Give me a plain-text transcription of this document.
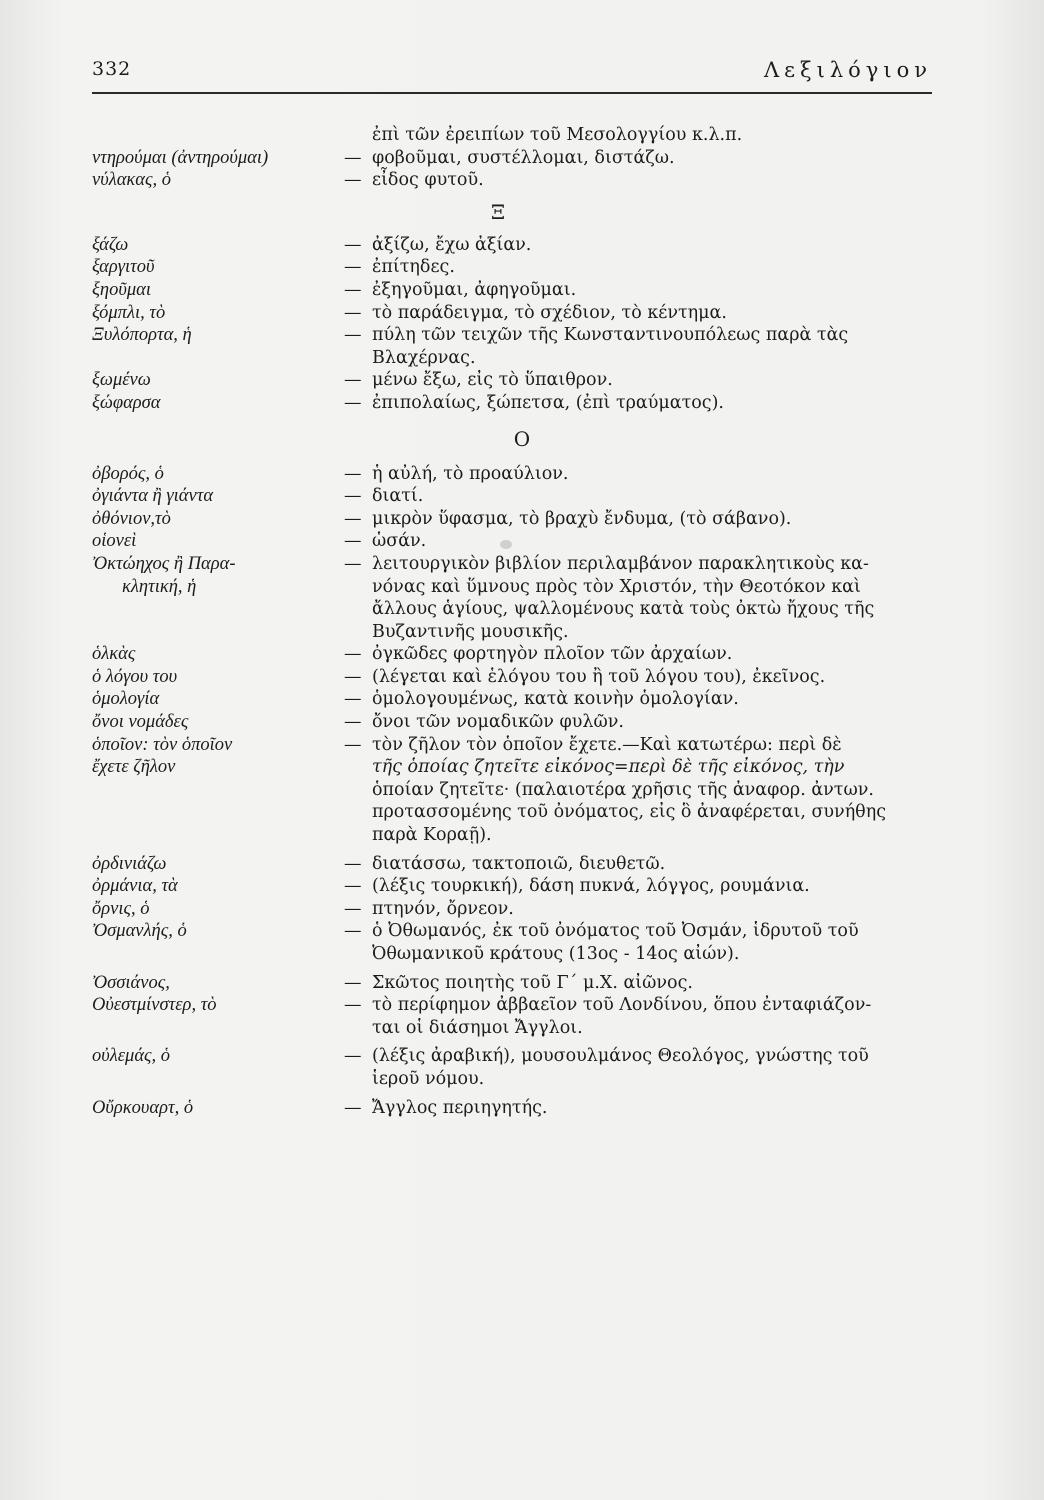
332	Λεξιλόγιον
ἐπὶ τῶν ἐρειπίων τοῦ Μεσολογγίου κ.λ.π.
ντηρούμαι (ἀντηρούμαι)	— φοβοῦμαι, συστέλλομαι, διστάζω.
νύλακας, ὁ	— εἶδος φυτοῦ.
Ξ
ξάζω	— ἀξίζω, ἔχω ἀξίαν.
ξαργιτοῦ	— ἐπίτηδες.
ξηοῦμαι	— ἐξηγοῦμαι, ἀφηγοῦμαι.
ξόμπλι, τὸ	— τὸ παράδειγμα, τὸ σχέδιον, τὸ κέντημα.
Ξυλόπορτα, ἡ	— πύλη τῶν τειχῶν τῆς Κωνσταντινουπόλεως παρὰ τὰς
Βλαχέρνας.
ξωμένω	— μένω ἔξω, εἰς τὸ ὕπαιθρον.
ξώφαρσα	— ἐπιπολαίως, ξώπετσα, (ἐπὶ τραύματος).
Ο
ὀβορός, ὁ	— ἡ αὐλή, τὸ προαύλιον.
ὀγιάντα ἢ γιάντα	— διατί.
ὀθόνιον,τὸ	— μικρὸν ὕφασμα, τὸ βραχὺ ἔνδυμα, (τὸ σάβανο).
οἱονεὶ	— ὡσάν.
Ὀκτώηχος ἢ Παρα-	— λειτουργικὸν βιβλίον περιλαμβάνον παρακλητικοὺς κα-
κλητική, ἡ	νόνας καὶ ὕμνους πρὸς τὸν Χριστόν, τὴν Θεοτόκον καὶ
ἄλλους ἁγίους, ψαλλομένους κατὰ τοὺς ὀκτὼ ἤχους τῆς
Βυζαντινῆς μουσικῆς.
ὁλκὰς	— ὀγκῶδες φορτηγὸν πλοῖον τῶν ἀρχαίων.
ὁ λόγου του	— (λέγεται καὶ ἑλόγου του ἢ τοῦ λόγου του), ἐκεῖνος.
ὁμολογία	— ὁμολογουμένως, κατὰ κοινὴν ὁμολογίαν.
ὄνοι νομάδες	— ὄνοι τῶν νομαδικῶν φυλῶν.
ὁποῖον: τὸν ὁποῖον	— τὸν ζῆλον τὸν ὁποῖον ἔχετε.—Καὶ κατωτέρω: περὶ δὲ
ἔχετε ζῆλον	τῆς ὁποίας ζητεῖτε εἰκόνος=περὶ δὲ τῆς εἰκόνος, τὴν
ὁποίαν ζητεῖτε· (παλαιοτέρα χρῆσις τῆς ἀναφορ. ἀντων.
προτασσομένης τοῦ ὀνόματος, εἰς ὃ ἀναφέρεται, συνήθης
παρὰ Κοραῇ).
ὀρδινιάζω	— διατάσσω, τακτοποιῶ, διευθετῶ.
ὀρμάνια, τὰ	— (λέξις τουρκική), δάση πυκνά, λόγγος, ρουμάνια.
ὄρνις, ὁ	— πτηνόν, ὄρνεον.
Ὀσμανλής, ὁ	— ὁ Ὀθωμανός, ἐκ τοῦ ὀνόματος τοῦ Ὀσμάν, ἱδρυτοῦ τοῦ
Ὀθωμανικοῦ κράτους (13ος - 14ος αἰών).
Ὀσσιάνος,	— Σκῶτος ποιητὴς τοῦ Γ΄ μ.Χ. αἰῶνος.
Οὐεστμίνστερ, τὸ	— τὸ περίφημον ἀββαεῖον τοῦ Λονδίνου, ὅπου ἐνταφιάζον-
ται οἱ διάσημοι Ἄγγλοι.
οὐλεμάς, ὁ	— (λέξις ἀραβική), μουσουλμάνος Θεολόγος, γνώστης τοῦ
ἱεροῦ νόμου.
Οὔρκουαρτ, ὁ	— Ἄγγλος περιηγητής.
